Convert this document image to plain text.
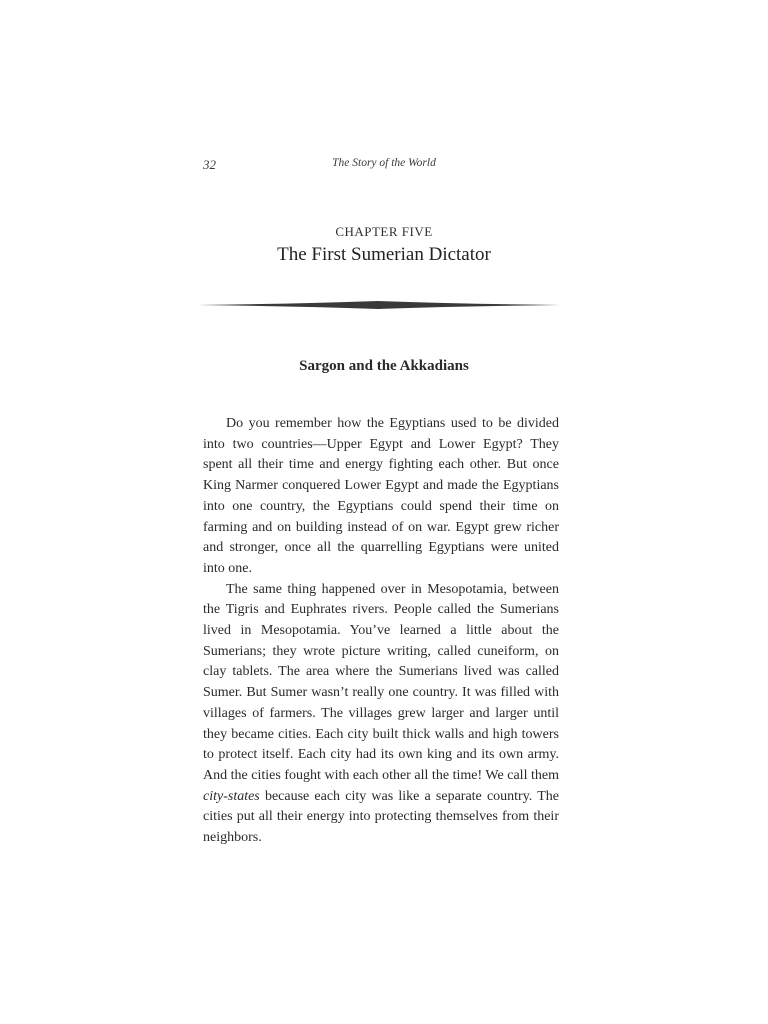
32	The Story of the World
CHAPTER FIVE
The First Sumerian Dictator
Sargon and the Akkadians

Do you remember how the Egyptians used to be divided into two countries—Upper Egypt and Lower Egypt? They spent all their time and energy fighting each other. But once King Narmer conquered Lower Egypt and made the Egyptians into one country, the Egyptians could spend their time on farming and on building instead of on war. Egypt grew richer and stronger, once all the quarrelling Egyptians were united into one.

The same thing happened over in Mesopotamia, between the Tigris and Euphrates rivers. People called the Sumerians lived in Mesopotamia. You’ve learned a little about the Sumerians; they wrote picture writing, called cuneiform, on clay tablets. The area where the Sumerians lived was called Sumer. But Sumer wasn’t really one country. It was filled with villages of farmers. The villages grew larger and larger until they became cities. Each city built thick walls and high towers to protect itself. Each city had its own king and its own army. And the cities fought with each other all the time! We call them city-states because each city was like a separate country. The cities put all their energy into protecting themselves from their neighbors.
